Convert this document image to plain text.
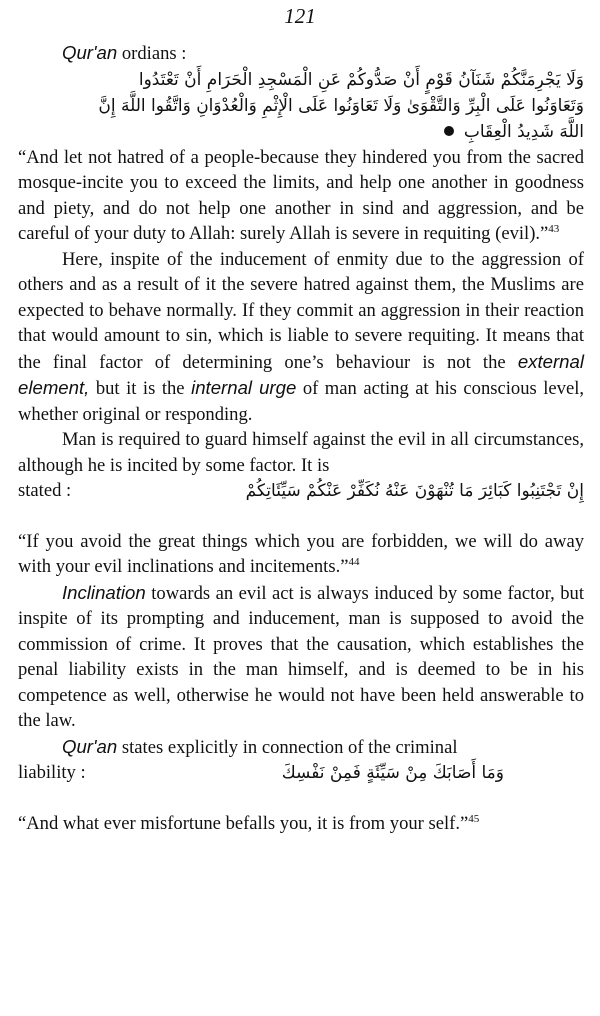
121

Qur'an ordians :

وَلَا يَجْرِمَنَّكُمْ شَنَآنُ قَوْمٍ أَنْ صَدُّوكُمْ عَنِ الْمَسْجِدِ الْحَرَامِ أَنْ تَعْتَدُوا

وَتَعَاوَنُوا عَلَى الْبِرِّ وَالتَّقْوَىٰ وَلَا تَعَاوَنُوا عَلَى الْإِثْمِ وَالْعُدْوَانِ وَاتَّقُوا اللَّهَ إِنَّ

اللَّهَ شَدِيدُ الْعِقَابِ

“And let not hatred of a people-because they hindered you from the sacred mosque-incite you to exceed the limits, and help one another in goodness and piety, and do not help one another in sind and aggression, and be careful of your duty to Allah: surely Allah is severe in requiting (evil).”$^{43}$

Here, inspite of the inducement of enmity due to the aggression of others and as a result of it the severe hatred against them, the Muslims are expected to behave normally. If they commit an aggression in their reaction that would amount to sin, which is liable to severe requiting. It means that the final factor of determining one’s behaviour is not the external element, but it is the internal urge of man acting at his conscious level, whether original or responding.

Man is required to guard himself against the evil in all circumstances, although he is incited by some factor. It is

stated :	إِنْ تَجْتَنِبُوا كَبَائِرَ مَا تُنْهَوْنَ عَنْهُ نُكَفِّرْ عَنْكُمْ سَيِّئَاتِكُمْ

“If you avoid the great things which you are forbidden, we will do away with your evil inclinations and incitements.”$^{44}$

Inclination towards an evil act is always induced by some factor, but inspite of its prompting and inducement, man is supposed to avoid the commission of crime. It proves that the causation, which establishes the penal liability exists in the man himself, and is deemed to be in his competence as well, otherwise he would not have been held answerable to the law.

Qur'an states explicitly in connection of the criminal

liability :	وَمَا أَصَابَكَ مِنْ سَيِّئَةٍ فَمِنْ نَفْسِكَ

“And what ever misfortune befalls you, it is from your self.”$^{45}$
